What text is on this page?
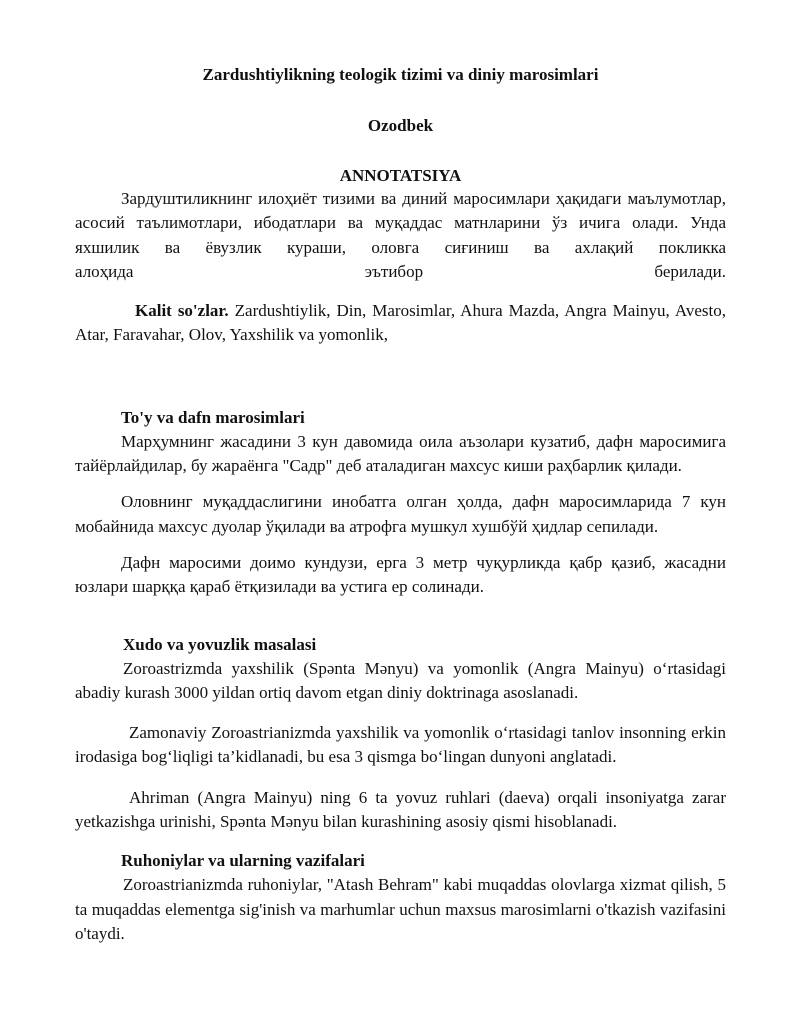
Zardushtiylikning teologik tizimi va diniy marosimlari

Ozodbek

ANNOTATSIYA

Зардуштиликнинг илоҳиёт тизими ва диний маросимлари ҳақидаги маълумотлар, асосий таълимотлари, ибодатлари ва муқаддас матнларини ўз ичига олади. Унда яхшилик ва ёвузлик кураши, оловга сиғиниш ва ахлақий покликка

алоҳида эътибор берилади.

Kalit so'zlar. Zardushtiylik, Din, Marosimlar, Ahura Mazda, Angra Mainyu, Avesto, Atar, Faravahar, Olov, Yaxshilik va yomonlik,

To'y va dafn marosimlari

Марҳумнинг жасадини 3 кун давомида оила аъзолари кузатиб, дафн маросимига тайёрлайдилар, бу жараёнга "Садр" деб аталадиган махсус киши раҳбарлик қилади.

Оловнинг муқаддаслигини инобатга олган ҳолда, дафн маросимларида 7 кун мобайнида махсус дуолар ўқилади ва атрофга мушкул хушбўй ҳидлар сепилади.

Дафн маросими доимо кундузи, ерга 3 метр чуқурликда қабр қазиб, жасадни юзлари шарққа қараб ётқизилади ва устига ер солинади.

Xudo va yovuzlik masalasi

Zoroastrizmda yaxshilik (Spənta Mənyu) va yomonlik (Angra Mainyu) o‘rtasidagi abadiy kurash 3000 yildan ortiq davom etgan diniy doktrinaga asoslanadi.

Zamonaviy Zoroastrianizmda yaxshilik va yomonlik o‘rtasidagi tanlov insonning erkin irodasiga bog‘liqligi ta’kidlanadi, bu esa 3 qismga bo‘lingan dunyoni anglatadi.

Ahriman (Angra Mainyu) ning 6 ta yovuz ruhlari (daeva) orqali insoniyatga zarar yetkazishga urinishi, Spənta Mənyu bilan kurashining asosiy qismi hisoblanadi.

Ruhoniylar va ularning vazifalari

Zoroastrianizmda ruhoniylar, "Atash Behram" kabi muqaddas olovlarga xizmat qilish, 5 ta muqaddas elementga sig'inish va marhumlar uchun maxsus marosimlarni o'tkazish vazifasini o'taydi.
